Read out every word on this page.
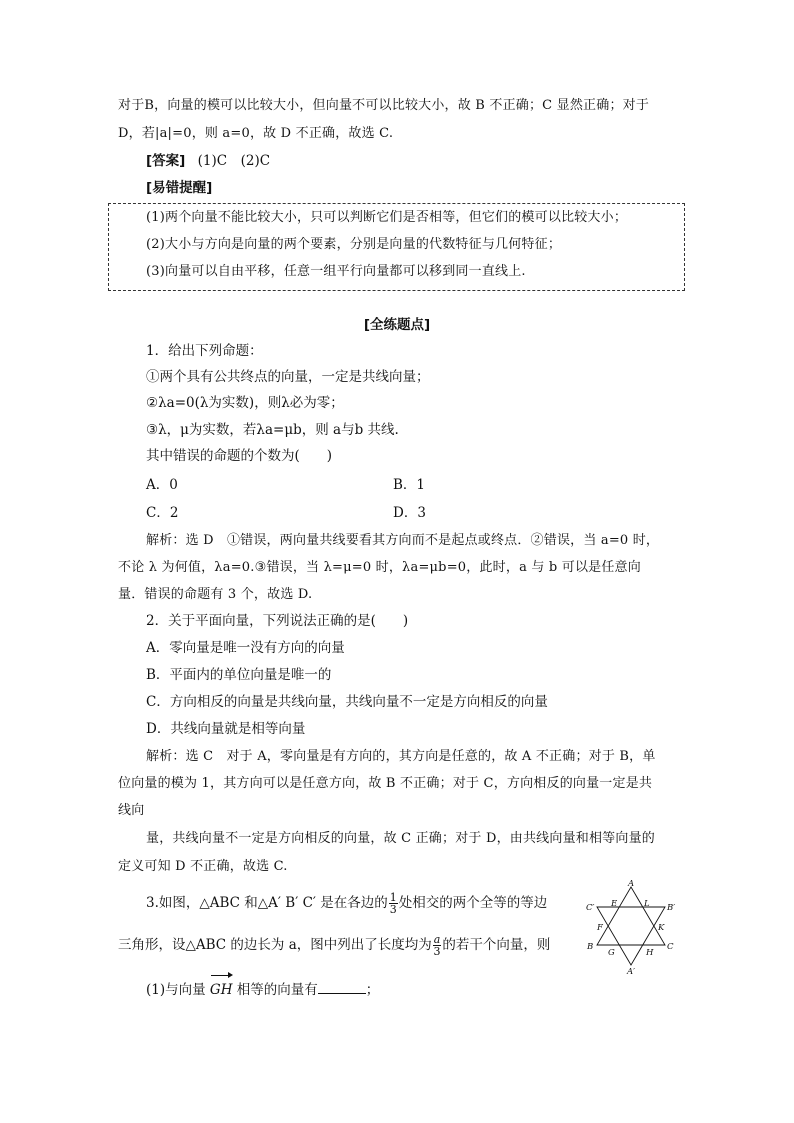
对于B，向量的模可以比较大小，但向量不可以比较大小，故 B 不正确；C 显然正确；对于
D，若|a|=0，则 a=0，故 D 不正确，故选 C.
[答案] (1)C　(2)C
[易错提醒]
(1)两个向量不能比较大小，只可以判断它们是否相等，但它们的模可以比较大小；
(2)大小与方向是向量的两个要素，分别是向量的代数特征与几何特征；
(3)向量可以自由平移，任意一组平行向量都可以移到同一直线上.
[全练题点]
1．给出下列命题：
①两个具有公共终点的向量，一定是共线向量；
②λa=0(λ为实数)，则λ必为零；
③λ，μ为实数，若λa=μb，则 a与b 共线.
其中错误的命题的个数为(　　)
A．0	B．1
C．2	D．3
解析：选 D　①错误，两向量共线要看其方向而不是起点或终点．②错误，当 a=0 时，
不论 λ 为何值，λa=0.③错误，当 λ=μ=0 时，λa=μb=0，此时，a 与 b 可以是任意向
量．错误的命题有 3 个，故选 D.
2．关于平面向量，下列说法正确的是(　　)
A．零向量是唯一没有方向的向量
B．平面内的单位向量是唯一的
C．方向相反的向量是共线向量，共线向量不一定是方向相反的向量
D．共线向量就是相等向量
解析：选 C　对于 A，零向量是有方向的，其方向是任意的，故 A 不正确；对于 B，单
位向量的模为 1，其方向可以是任意方向，故 B 不正确；对于 C，方向相反的向量一定是共
线向
量，共线向量不一定是方向相反的向量，故 C 正确；对于 D，由共线向量和相等向量的
定义可知 D 不正确，故选 C.
3.如图，△ABC 和△A′ B′ C′ 是在各边的 $\frac{1}{3}$ 处相交的两个全等的等边
三角形，设△ABC 的边长为 a，图中列出了长度均为 $\frac{a}{3}$ 的若干个向量，则
(1)与向量 GH 相等的向量有	；
A
B	C
A′
B′
C′ E	L
F	K
G	H
